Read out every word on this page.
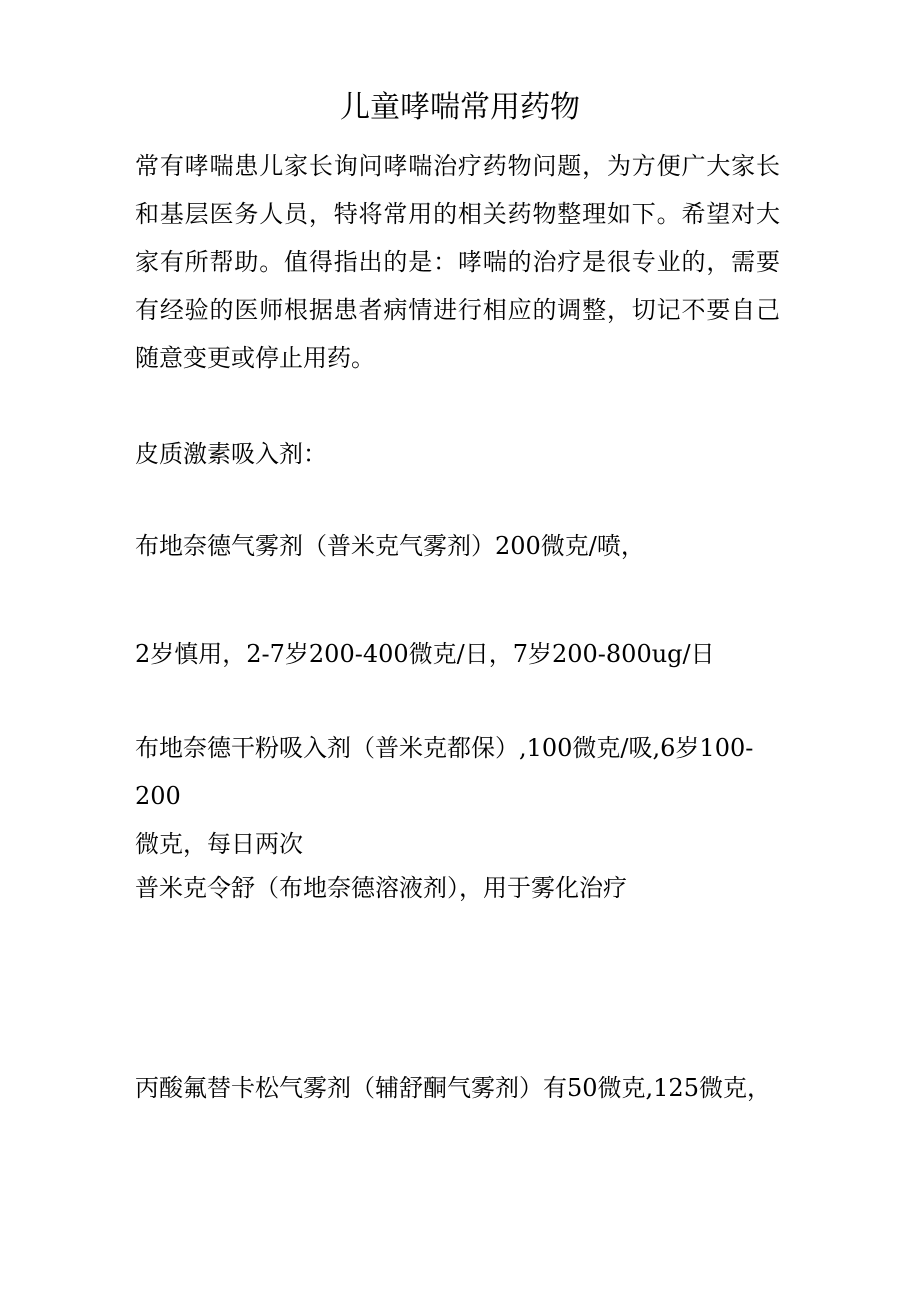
儿童哮喘常用药物

常有哮喘患儿家长询问哮喘治疗药物问题，为方便广大家长和基层医务人员，特将常用的相关药物整理如下。希望对大家有所帮助。值得指出的是：哮喘的治疗是很专业的，需要有经验的医师根据患者病情进行相应的调整，切记不要自己随意变更或停止用药。

皮质激素吸入剂：

布地奈德气雾剂（普米克气雾剂）200微克/喷，

2岁慎用，2-7岁200-400微克/日，7岁200-800ug/日

布地奈德干粉吸入剂（普米克都保）,100微克/吸,6岁100-200
微克，每日两次

普米克令舒（布地奈德溶液剂），用于雾化治疗

丙酸氟替卡松气雾剂（辅舒酮气雾剂）有50微克,125微克，
